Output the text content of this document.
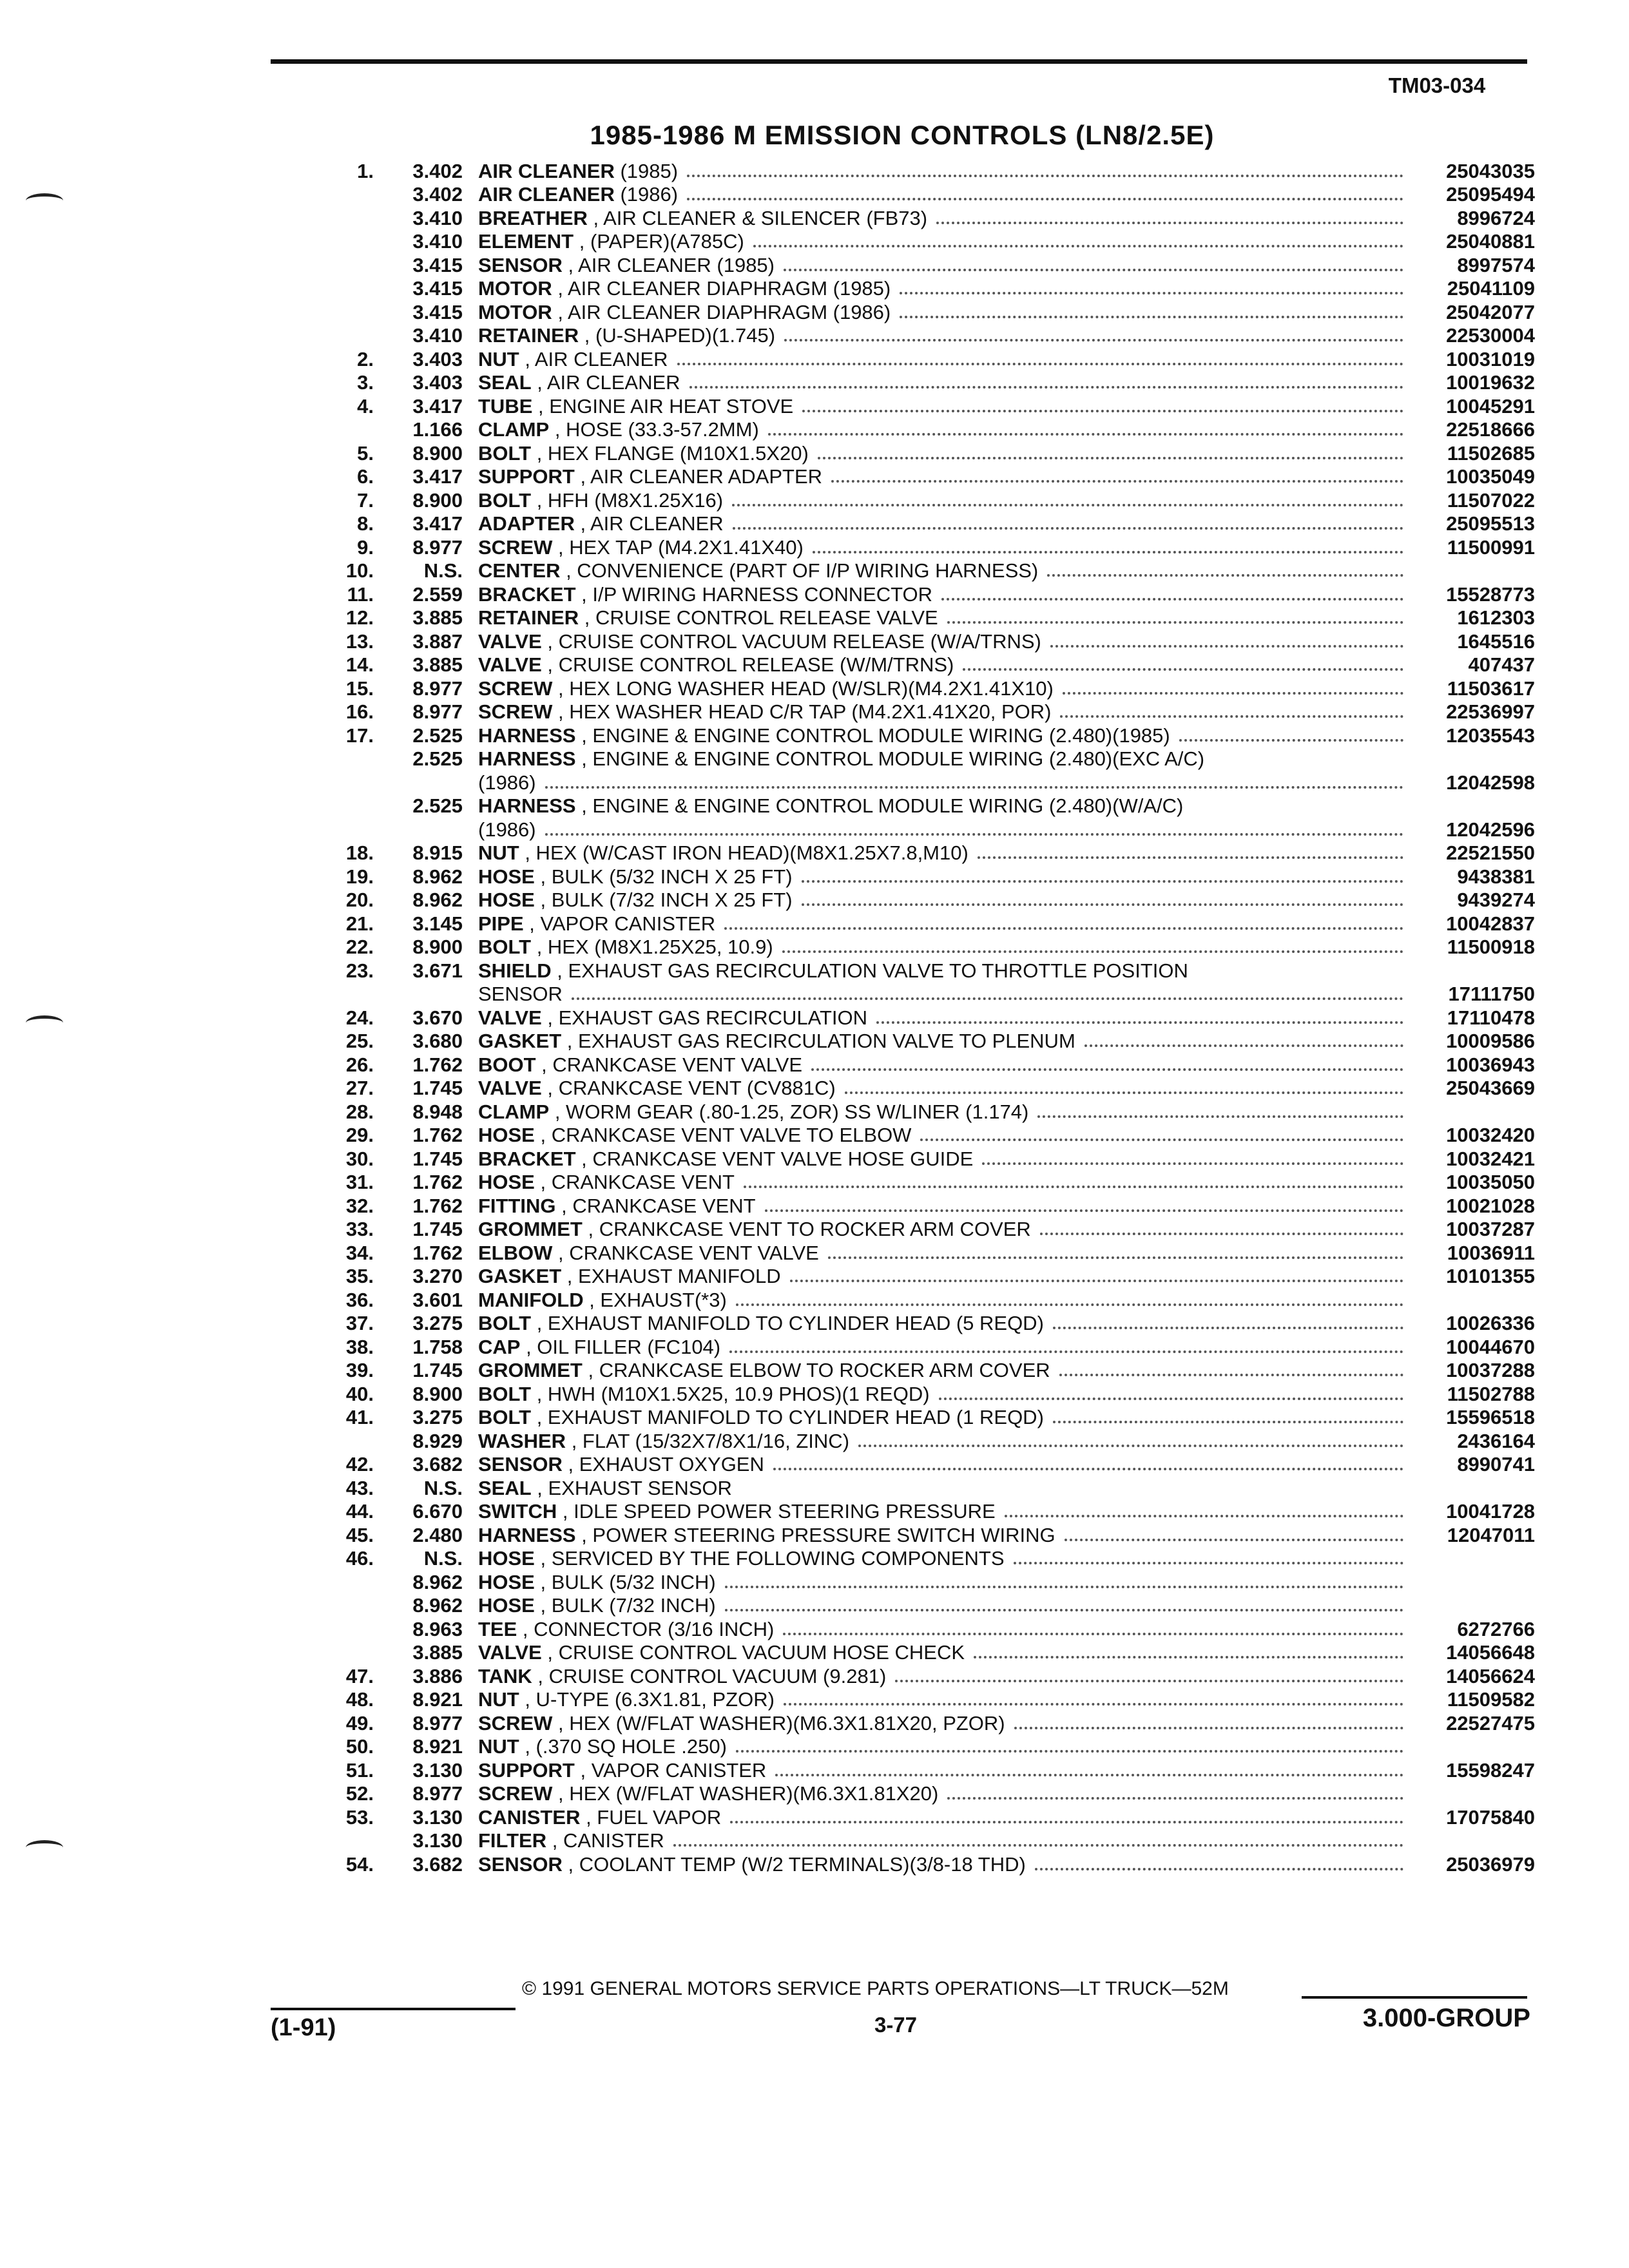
TM03-034
1985-1986 M EMISSION CONTROLS (LN8/2.5E)
1.	3.402 AIR CLEANER (1985)	25043035
3.402 AIR CLEANER (1986)	25095494
3.410 BREATHER , AIR CLEANER & SILENCER (FB73)	8996724
3.410 ELEMENT , (PAPER)(A785C)	25040881
3.415 SENSOR , AIR CLEANER (1985)	8997574
3.415 MOTOR , AIR CLEANER DIAPHRAGM (1985)	25041109
3.415 MOTOR , AIR CLEANER DIAPHRAGM (1986)	25042077
3.410 RETAINER , (U-SHAPED)(1.745)	22530004
2.	3.403 NUT , AIR CLEANER	10031019
3.	3.403 SEAL , AIR CLEANER	10019632
4.	3.417 TUBE , ENGINE AIR HEAT STOVE	10045291
1.166 CLAMP , HOSE (33.3-57.2MM)	22518666
5.	8.900 BOLT , HEX FLANGE (M10X1.5X20)	11502685
6.	3.417 SUPPORT , AIR CLEANER ADAPTER	10035049
7.	8.900 BOLT , HFH (M8X1.25X16)	11507022
8.	3.417 ADAPTER , AIR CLEANER	25095513
9.	8.977 SCREW , HEX TAP (M4.2X1.41X40)	11500991
10.	N.S. CENTER , CONVENIENCE (PART OF I/P WIRING HARNESS)
11.	2.559 BRACKET , I/P WIRING HARNESS CONNECTOR	15528773
12.	3.885 RETAINER , CRUISE CONTROL RELEASE VALVE	1612303
13.	3.887 VALVE , CRUISE CONTROL VACUUM RELEASE (W/A/TRNS)	1645516
14.	3.885 VALVE , CRUISE CONTROL RELEASE (W/M/TRNS)	407437
15.	8.977 SCREW , HEX LONG WASHER HEAD (W/SLR)(M4.2X1.41X10)	11503617
16.	8.977 SCREW , HEX WASHER HEAD C/R TAP (M4.2X1.41X20, POR)	22536997
17.	2.525 HARNESS , ENGINE & ENGINE CONTROL MODULE WIRING (2.480)(1985)	12035543
2.525 HARNESS , ENGINE & ENGINE CONTROL MODULE WIRING (2.480)(EXC A/C)
(1986)	12042598
2.525 HARNESS , ENGINE & ENGINE CONTROL MODULE WIRING (2.480)(W/A/C)
(1986)	12042596
18.	8.915 NUT , HEX (W/CAST IRON HEAD)(M8X1.25X7.8,M10)	22521550
19.	8.962 HOSE , BULK (5/32 INCH X 25 FT)	9438381
20.	8.962 HOSE , BULK (7/32 INCH X 25 FT)	9439274
21.	3.145 PIPE , VAPOR CANISTER	10042837
22.	8.900 BOLT , HEX (M8X1.25X25, 10.9)	11500918
23.	3.671 SHIELD , EXHAUST GAS RECIRCULATION VALVE TO THROTTLE POSITION
SENSOR	17111750
24.	3.670 VALVE , EXHAUST GAS RECIRCULATION	17110478
25.	3.680 GASKET , EXHAUST GAS RECIRCULATION VALVE TO PLENUM	10009586
26.	1.762 BOOT , CRANKCASE VENT VALVE	10036943
27.	1.745 VALVE , CRANKCASE VENT (CV881C)	25043669
28.	8.948 CLAMP , WORM GEAR (.80-1.25, ZOR) SS W/LINER (1.174)
29.	1.762 HOSE , CRANKCASE VENT VALVE TO ELBOW	10032420
30.	1.745 BRACKET , CRANKCASE VENT VALVE HOSE GUIDE	10032421
31.	1.762 HOSE , CRANKCASE VENT	10035050
32.	1.762 FITTING , CRANKCASE VENT	10021028
33.	1.745 GROMMET , CRANKCASE VENT TO ROCKER ARM COVER	10037287
34.	1.762 ELBOW , CRANKCASE VENT VALVE	10036911
35.	3.270 GASKET , EXHAUST MANIFOLD	10101355
36.	3.601 MANIFOLD , EXHAUST(*3)
37.	3.275 BOLT , EXHAUST MANIFOLD TO CYLINDER HEAD (5 REQD)	10026336
38.	1.758 CAP , OIL FILLER (FC104)	10044670
39.	1.745 GROMMET , CRANKCASE ELBOW TO ROCKER ARM COVER	10037288
40.	8.900 BOLT , HWH (M10X1.5X25, 10.9 PHOS)(1 REQD)	11502788
41.	3.275 BOLT , EXHAUST MANIFOLD TO CYLINDER HEAD (1 REQD)	15596518
8.929 WASHER , FLAT (15/32X7/8X1/16, ZINC)	2436164
42.	3.682 SENSOR , EXHAUST OXYGEN	8990741
43.	N.S. SEAL , EXHAUST SENSOR
44.	6.670 SWITCH , IDLE SPEED POWER STEERING PRESSURE	10041728
45.	2.480 HARNESS , POWER STEERING PRESSURE SWITCH WIRING	12047011
46.	N.S. HOSE , SERVICED BY THE FOLLOWING COMPONENTS
8.962 HOSE , BULK (5/32 INCH)
8.962 HOSE , BULK (7/32 INCH)
8.963 TEE , CONNECTOR (3/16 INCH)	6272766
3.885 VALVE , CRUISE CONTROL VACUUM HOSE CHECK	14056648
47.	3.886 TANK , CRUISE CONTROL VACUUM (9.281)	14056624
48.	8.921 NUT , U-TYPE (6.3X1.81, PZOR)	11509582
49.	8.977 SCREW , HEX (W/FLAT WASHER)(M6.3X1.81X20, PZOR)	22527475
50.	8.921 NUT , (.370 SQ HOLE .250)
51.	3.130 SUPPORT , VAPOR CANISTER	15598247
52.	8.977 SCREW , HEX (W/FLAT WASHER)(M6.3X1.81X20)
53.	3.130 CANISTER , FUEL VAPOR	17075840
3.130 FILTER , CANISTER
54.	3.682 SENSOR , COOLANT TEMP (W/2 TERMINALS)(3/8-18 THD)	25036979
© 1991 GENERAL MOTORS SERVICE PARTS OPERATIONS—LT TRUCK—52M
(1-91)	3-77	3.000-GROUP
